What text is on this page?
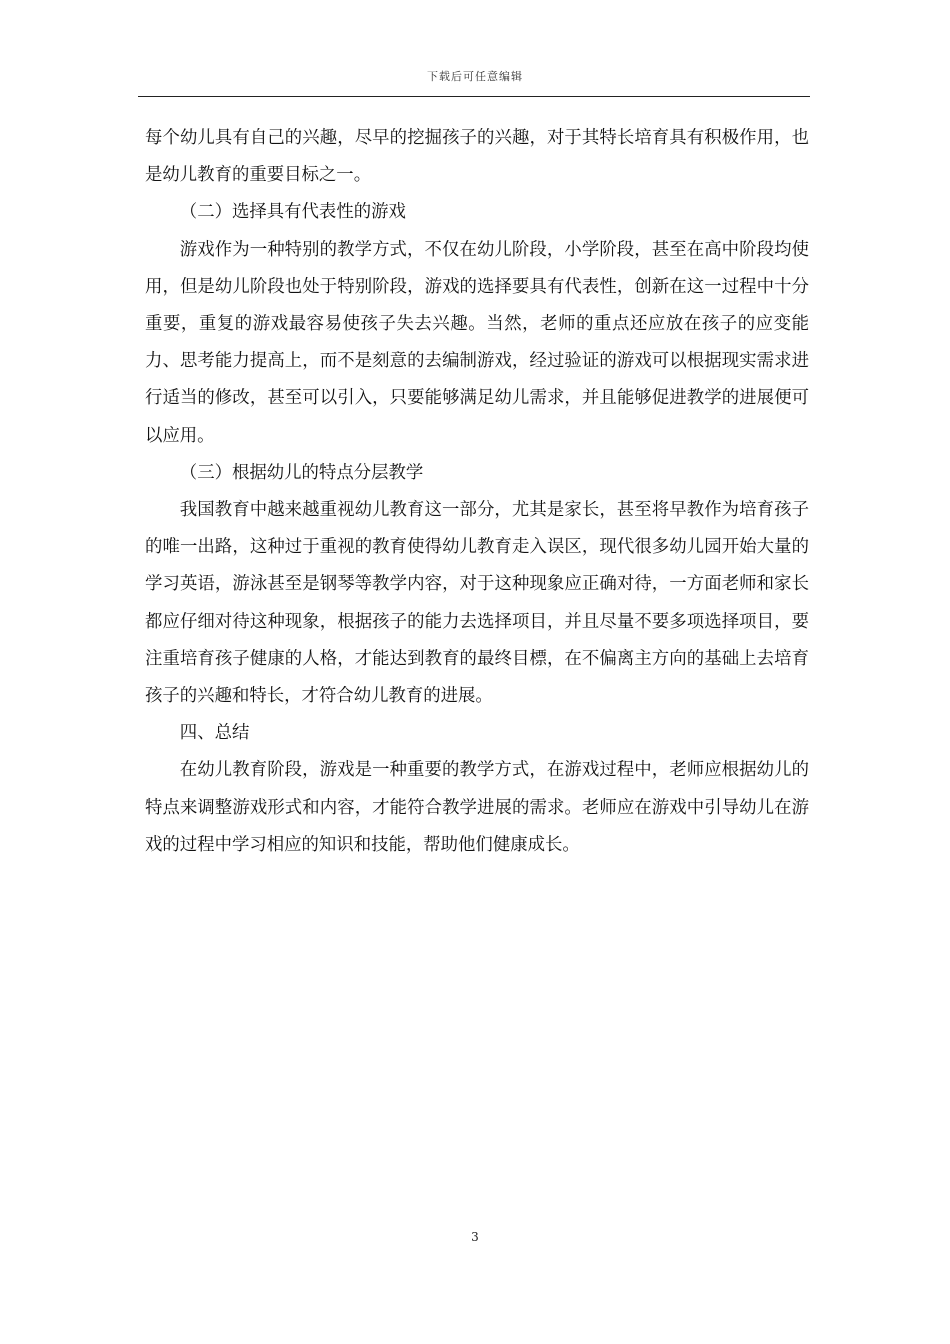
下载后可任意编辑

每个幼儿具有自己的兴趣，尽早的挖掘孩子的兴趣，对于其特长培育具有积极作用，也是幼儿教育的重要目标之一。

（二）选择具有代表性的游戏

游戏作为一种特别的教学方式，不仅在幼儿阶段，小学阶段，甚至在高中阶段均使用，但是幼儿阶段也处于特别阶段，游戏的选择要具有代表性，创新在这一过程中十分重要，重复的游戏最容易使孩子失去兴趣。当然，老师的重点还应放在孩子的应变能力、思考能力提高上，而不是刻意的去编制游戏，经过验证的游戏可以根据现实需求进行适当的修改，甚至可以引入，只要能够满足幼儿需求，并且能够促进教学的进展便可以应用。

（三）根据幼儿的特点分层教学

我国教育中越来越重视幼儿教育这一部分，尤其是家长，甚至将早教作为培育孩子的唯一出路，这种过于重视的教育使得幼儿教育走入误区，现代很多幼儿园开始大量的学习英语，游泳甚至是钢琴等教学内容，对于这种现象应正确对待，一方面老师和家长都应仔细对待这种现象，根据孩子的能力去选择项目，并且尽量不要多项选择项目，要注重培育孩子健康的人格，才能达到教育的最终目標，在不偏离主方向的基础上去培育孩子的兴趣和特长，才符合幼儿教育的进展。

四、总结

在幼儿教育阶段，游戏是一种重要的教学方式，在游戏过程中，老师应根据幼儿的特点来调整游戏形式和内容，才能符合教学进展的需求。老师应在游戏中引导幼儿在游戏的过程中学习相应的知识和技能，帮助他们健康成长。

3
